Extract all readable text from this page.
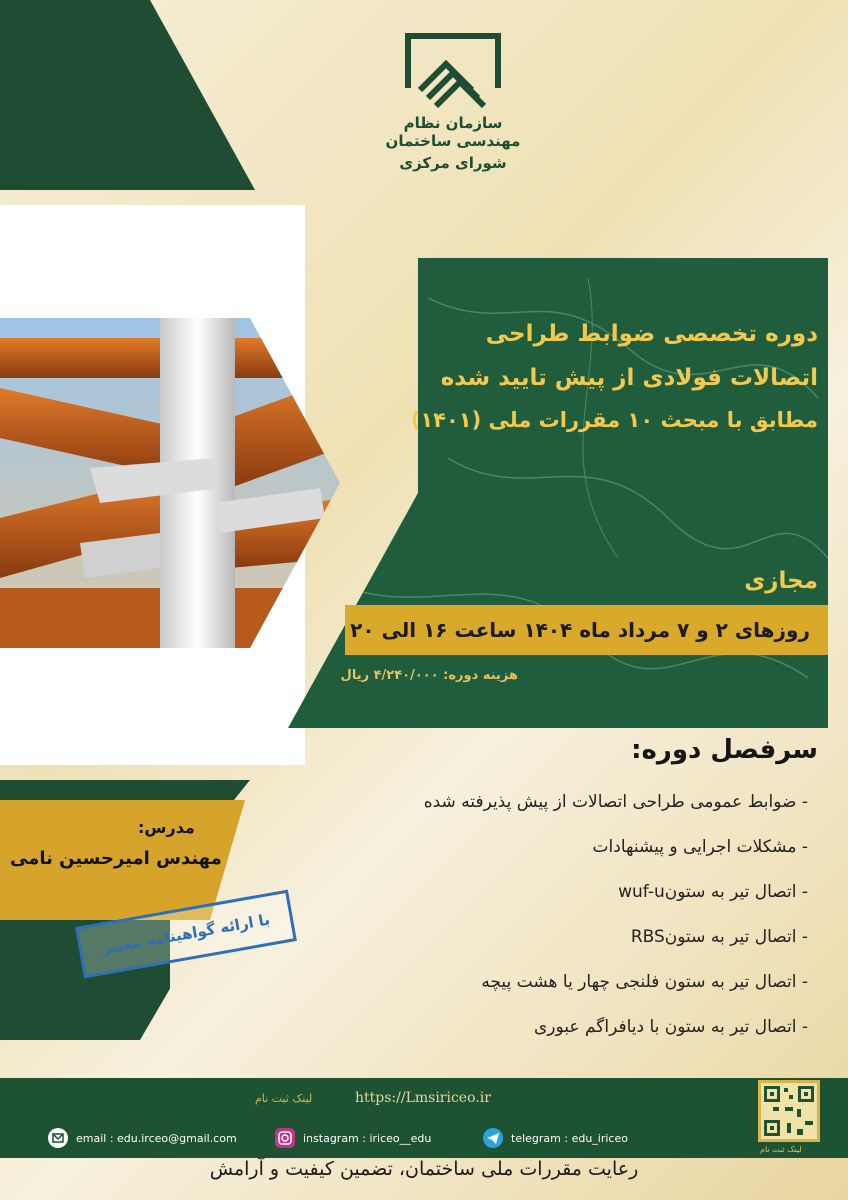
سازمان نظام مهندسی ساختمان
شورای مرکزی
دوره تخصصی ضوابط طراحی
اتصالات فولادی از پیش تایید شده
مطابق با مبحث ۱۰ مقررات ملی (۱۴۰۱)
مجازی
روزهای ۲ و ۷ مرداد ماه ۱۴۰۴ ساعت ۱۶ الی ۲۰
هزینه دوره: ۴/۲۴۰/۰۰۰ ریال
سرفصل دوره:
- ضوابط عمومی طراحی اتصالات از پیش پذیرفته شده
- مشکلات اجرایی و پیشنهادات
- اتصال تیر به ستونwuf-u
- اتصال تیر به ستونRBS
- اتصال تیر به ستون فلنجی چهار یا هشت پیچه
- اتصال تیر به ستون با دیافراگم عبوری
مدرس:
مهندس امیرحسین نامی
با ارائه گواهینامه معتبر
لینک ثبت نام	https://Lmsiriceo.ir
email : edu.irceo@gmail.com	instagram : iriceo__edu	telegram : edu_iriceo
لینک ثبت نام
رعایت مقررات ملی ساختمان، تضمین کیفیت و آرامش
